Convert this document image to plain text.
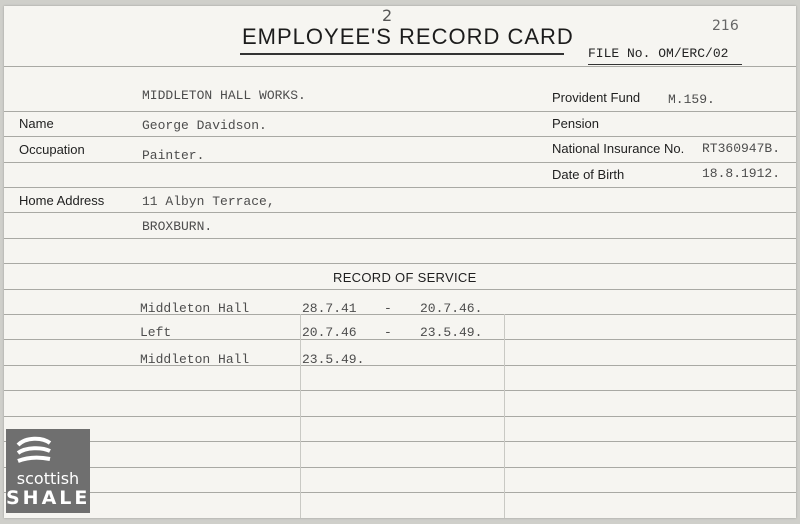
2
216
EMPLOYEE'S RECORD CARD
FILE No. OM/ERC/02
MIDDLETON HALL WORKS.
Name	George Davidson.
Occupation	Painter.
Home Address	11 Albyn Terrace,
BROXBURN.
Provident Fund M.159.
Pension
National Insurance No. RT360947B.
Date of Birth	18.8.1912.
RECORD OF SERVICE
Middleton Hall	28.7.41 - 20.7.46.
Left	20.7.46 - 23.5.49.
Middleton Hall	23.5.49.
scottish
SHALE
